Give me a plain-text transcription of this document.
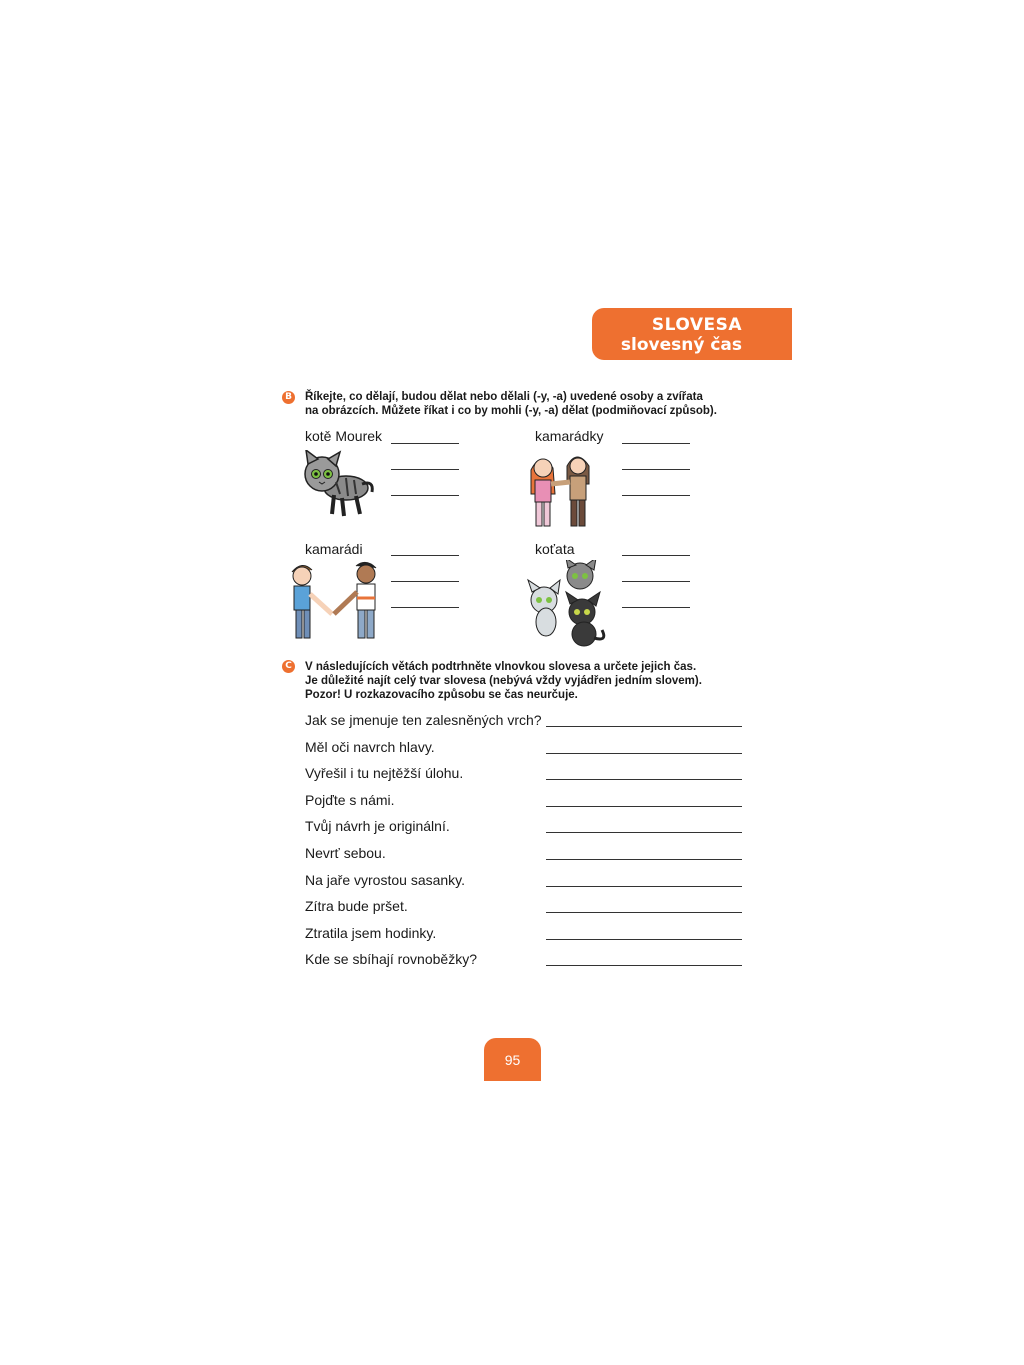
SLOVESA
slovesný čas
B Říkejte, co dělají, budou dělat nebo dělali (-y, -a) uvedené osoby a zvířata
na obrázcích. Můžete říkat i co by mohli (-y, -a) dělat (podmiňovací způsob).
kotě Mourek	kamarádky
kamarádi	koťata
C V následujících větách podtrhněte vlnovkou slovesa a určete jejich čas.
Je důležité najít celý tvar slovesa (nebývá vždy vyjádřen jedním slovem).
Pozor! U rozkazovacího způsobu se čas neurčuje.
Jak se jmenuje ten zalesněných vrch?
Měl oči navrch hlavy.
Vyřešil i tu nejtěžší úlohu.
Pojďte s námi.
Tvůj návrh je originální.
Nevrť sebou.
Na jaře vyrostou sasanky.
Zítra bude pršet.
Ztratila jsem hodinky.
Kde se sbíhají rovnoběžky?
95
